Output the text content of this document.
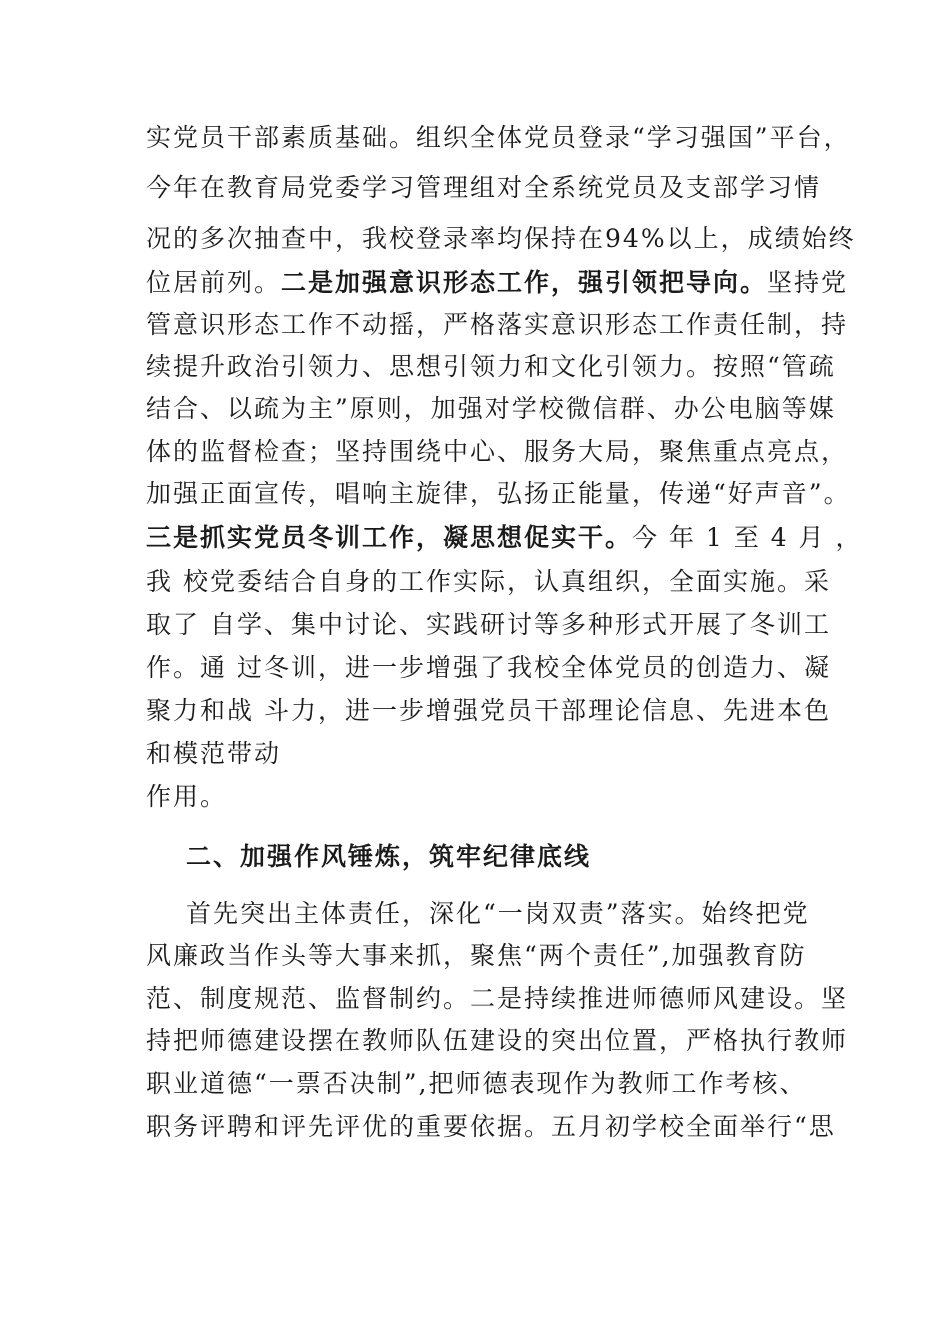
实党员干部素质基础。组织全体党员登录“学习强国”平台，
今年在教育局党委学习管理组对全系统党员及支部学习情
况的多次抽查中，我校登录率均保持在94%以上，成绩始终
位居前列。二是加强意识形态工作，强引领把导向。坚持党
管意识形态工作不动摇，严格落实意识形态工作责任制，持
续提升政治引领力、思想引领力和文化引领力。按照“管疏
结合、以疏为主”原则，加强对学校微信群、办公电脑等媒
体的监督检查；坚持围绕中心、服务大局，聚焦重点亮点，
加强正面宣传，唱响主旋律，弘扬正能量，传递“好声音”。
三是抓实党员冬训工作，凝思想促实干。今 年 1 至 4 月 ，
我 校党委结合自身的工作实际，认真组织，全面实施。采
取了 自学、集中讨论、实践研讨等多种形式开展了冬训工
作。通 过冬训，进一步增强了我校全体党员的创造力、凝
聚力和战 斗力，进一步增强党员干部理论信息、先进本色
和模范带动
作用。
二、加强作风锤炼，筑牢纪律底线
首先突出主体责任，深化“一岗双责”落实。始终把党
风廉政当作头等大事来抓，聚焦“两个责任”,加强教育防
范、制度规范、监督制约。二是持续推进师德师风建设。坚
持把师德建设摆在教师队伍建设的突出位置，严格执行教师
职业道德“一票否决制”,把师德表现作为教师工作考核、
职务评聘和评先评优的重要依据。五月初学校全面举行“思
